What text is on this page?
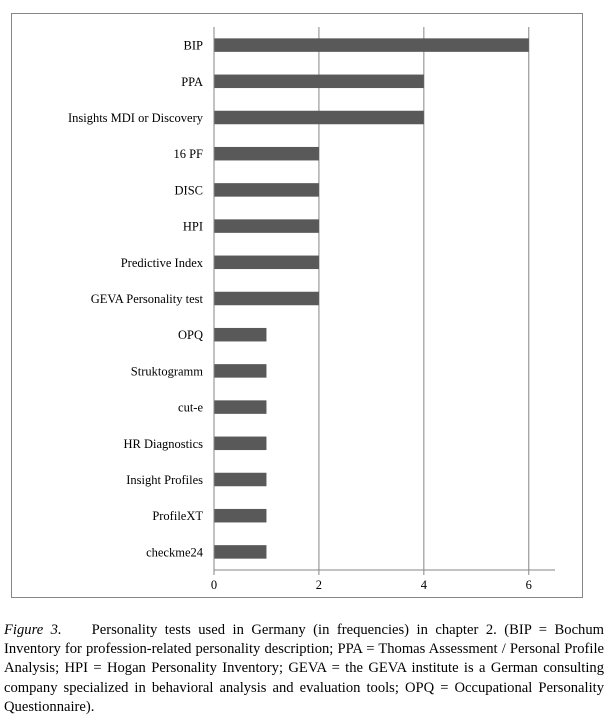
BIP
PPA
Insights MDI or Discovery
16 PF
DISC
HPI
Predictive Index
GEVA Personality test
OPQ
Struktogramm
cut-e
HR Diagnostics
Insight Profiles
ProfileXT
checkme24
0	2	4	6
Figure 3. Personality tests used in Germany (in frequencies) in chapter 2. (BIP = Bochum Inventory for profession-related personality description; PPA = Thomas Assessment / Personal Profile Analysis; HPI = Hogan Personality Inventory; GEVA = the GEVA institute is a German consulting company specialized in behavioral analysis and evaluation tools; OPQ = Occupational Personality Questionnaire).
